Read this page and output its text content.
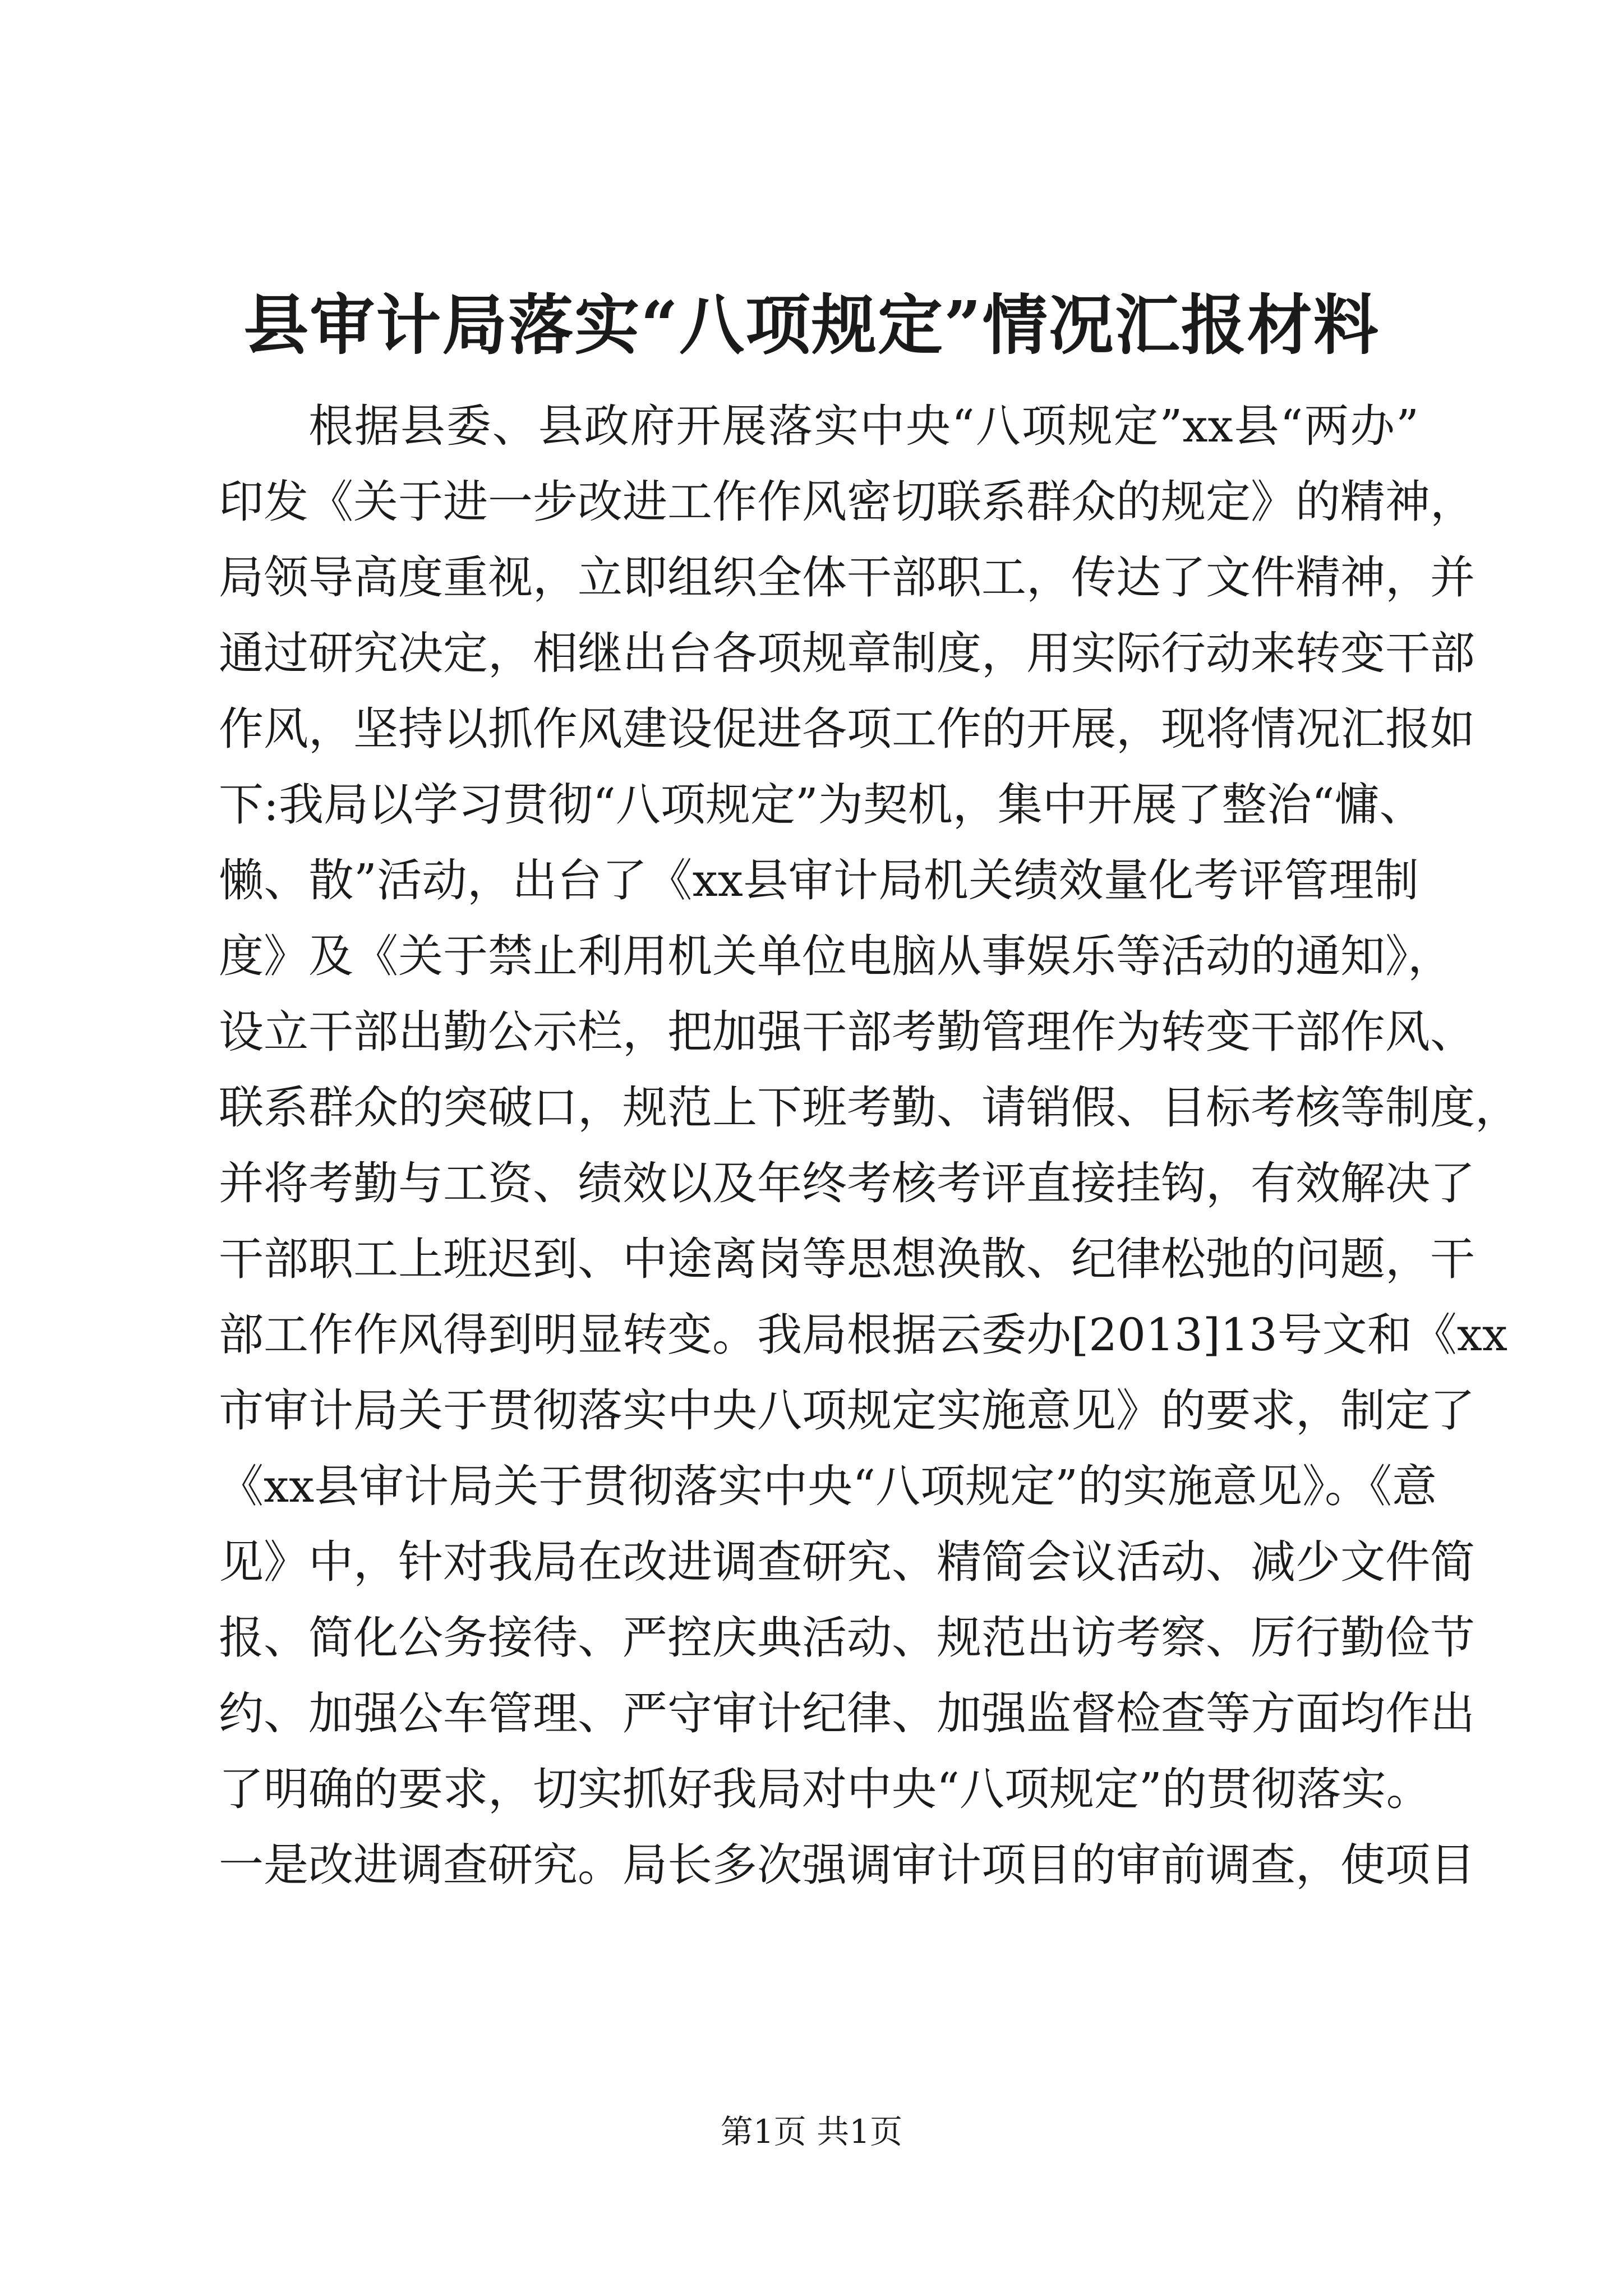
县审计局落实“八项规定”情况汇报材料
根据县委、县政府开展落实中央“八项规定”xx县“两办”
印发《关于进一步改进工作作风密切联系群众的规定》的精神，
局领导高度重视，立即组织全体干部职工，传达了文件精神，并
通过研究决定，相继出台各项规章制度，用实际行动来转变干部
作风，坚持以抓作风建设促进各项工作的开展，现将情况汇报如
下:我局以学习贯彻“八项规定”为契机，集中开展了整治“慵、
懒、散”活动，出台了《xx县审计局机关绩效量化考评管理制
度》及《关于禁止利用机关单位电脑从事娱乐等活动的通知》，
设立干部出勤公示栏，把加强干部考勤管理作为转变干部作风、
联系群众的突破口，规范上下班考勤、请销假、目标考核等制度，
并将考勤与工资、绩效以及年终考核考评直接挂钩，有效解决了
干部职工上班迟到、中途离岗等思想涣散、纪律松弛的问题，干
部工作作风得到明显转变。我局根据云委办[2013]13号文和《xx
市审计局关于贯彻落实中央八项规定实施意见》的要求，制定了
《xx县审计局关于贯彻落实中央“八项规定”的实施意见》。《意
见》中，针对我局在改进调查研究、精简会议活动、减少文件简
报、简化公务接待、严控庆典活动、规范出访考察、厉行勤俭节
约、加强公车管理、严守审计纪律、加强监督检查等方面均作出
了明确的要求，切实抓好我局对中央“八项规定”的贯彻落实。
一是改进调查研究。局长多次强调审计项目的审前调查，使项目
第1页 共1页
